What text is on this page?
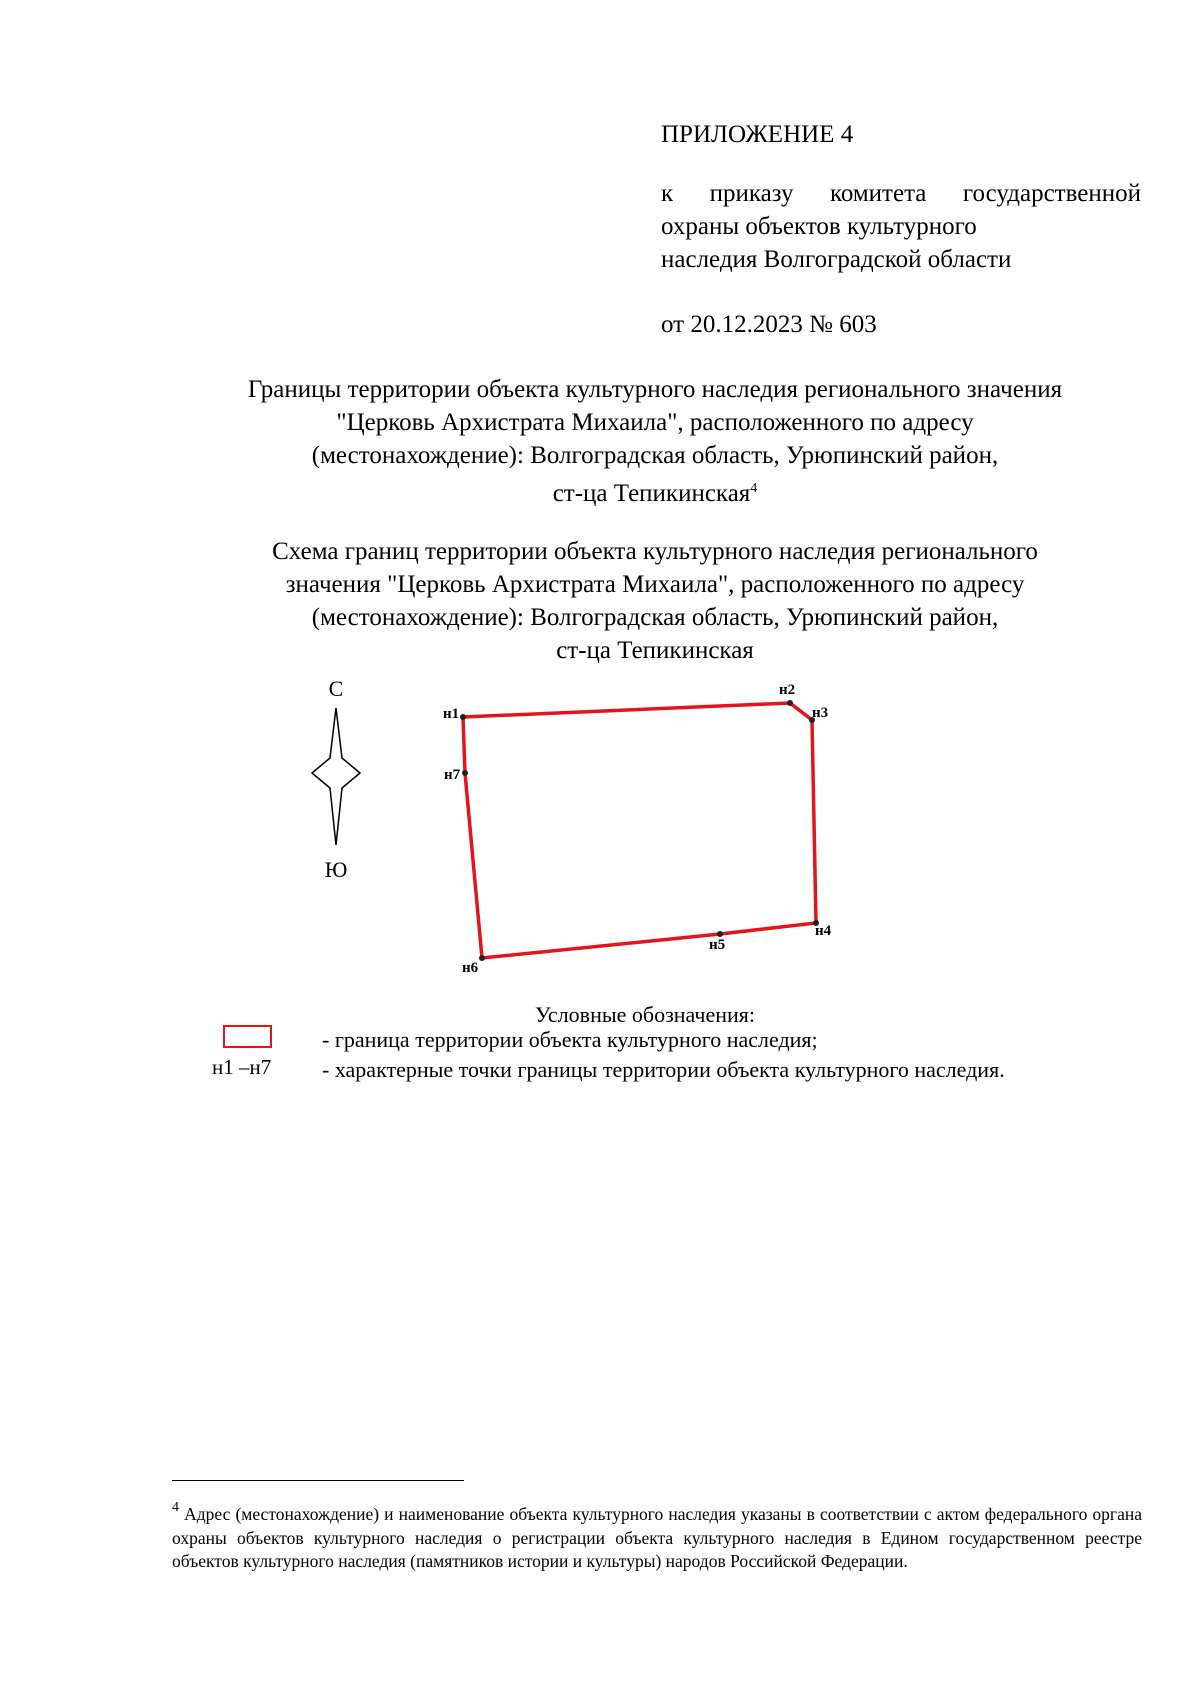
ПРИЛОЖЕНИЕ 4
к приказу комитета государственной
охраны объектов культурного
наследия Волгоградской области
от 20.12.2023 № 603
Границы территории объекта культурного наследия регионального значения
"Церковь Архистрата Михаила", расположенного по адресу
(местонахождение): Волгоградская область, Урюпинский район,
ст-ца Тепикинская$^4$
Схема границ территории объекта культурного наследия регионального
значения "Церковь Архистрата Михаила", расположенного по адресу
(местонахождение): Волгоградская область, Урюпинский район,
ст-ца Тепикинская
С
Ю
н1
н2
н3
н4
н5
н6
н7
Условные обозначения:
- граница территории объекта культурного наследия;
н1 –н7 - характерные точки границы территории объекта культурного наследия.
$^4$ Адрес (местонахождение) и наименование объекта культурного наследия указаны в соответствии с актом федерального органа охраны объектов культурного наследия о регистрации объекта культурного наследия в Едином государственном реестре объектов культурного наследия (памятников истории и культуры) народов Российской Федерации.
